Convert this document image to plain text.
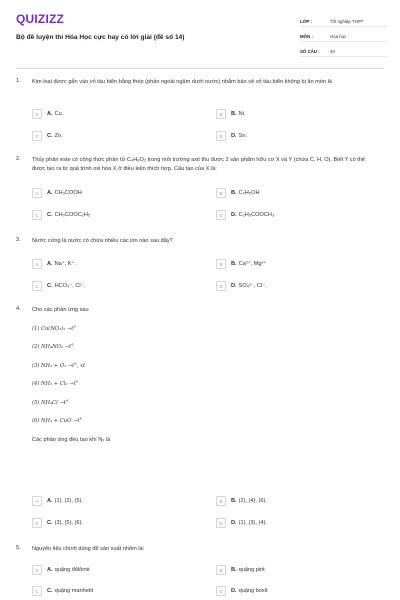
QUIZIZZ
Bộ đề luyện thi Hóa Học cực hay có lời giải (đề số 14)
LỚP :	Tốt nghiệp THPT
MÔN :	Hóa học
SỐ CÂU :	40
1.	Kim loại được gắn vào vỏ tàu biển bằng thép (phần ngoài ngâm dưới nước) nhằm bảo vệ vỏ tàu biển không bị ăn mòn là
A	A. Cu.	B	B. Ni.
C	C. Zn.	D	D. Sn.
2.	Thủy phân este có công thức phân tử C₄H₈O₂ trong môi trường axit thu được 2 sản phẩm hữu cơ X và Y (chứa C, H, O). Biết Y có thể được tạo ra từ quá trình oxi hóa X ở điều kiện thích hợp. Cấu tạo của X là:
A	A. CH₃COOH	B	B. C₂H₅OH
C	C. CH₃COOC₂H₅	D	D. C₂H₅COOCH₃
3.	Nước cứng là nước có chứa nhiều các ion nào sau đây?
A	A. Na⁺, K⁺.	B	B. Ca²⁺, Mg²⁺
C	C. HCO₃⁻, Cl⁻.	D	D. SO₄²⁻, Cl⁻.
4.	Cho các phản ứng sau
(1) Cu(NO₃)₂ →t°
(2) NH₄NO₂ →t°
(3) NH₃ + O₂ →t°, xt
(4) NH₃ + Cl₂ →t°
(5) NH₄Cl →t°
(6) NH₃ + CuO →t°
Các phản ứng đều tạo khí N₂ là
A	A. (1), (2), (5).	B	B. (2), (4), (6).
C	C. (3), (5), (6).	D	D. (1), (3), (4).
5.	Nguyên liệu chính dùng để sản xuất nhôm là:
A	A. quặng đôlômit	B	B. quặng pirit
C	C. quặng manhetit	D	D. quặng boxit
